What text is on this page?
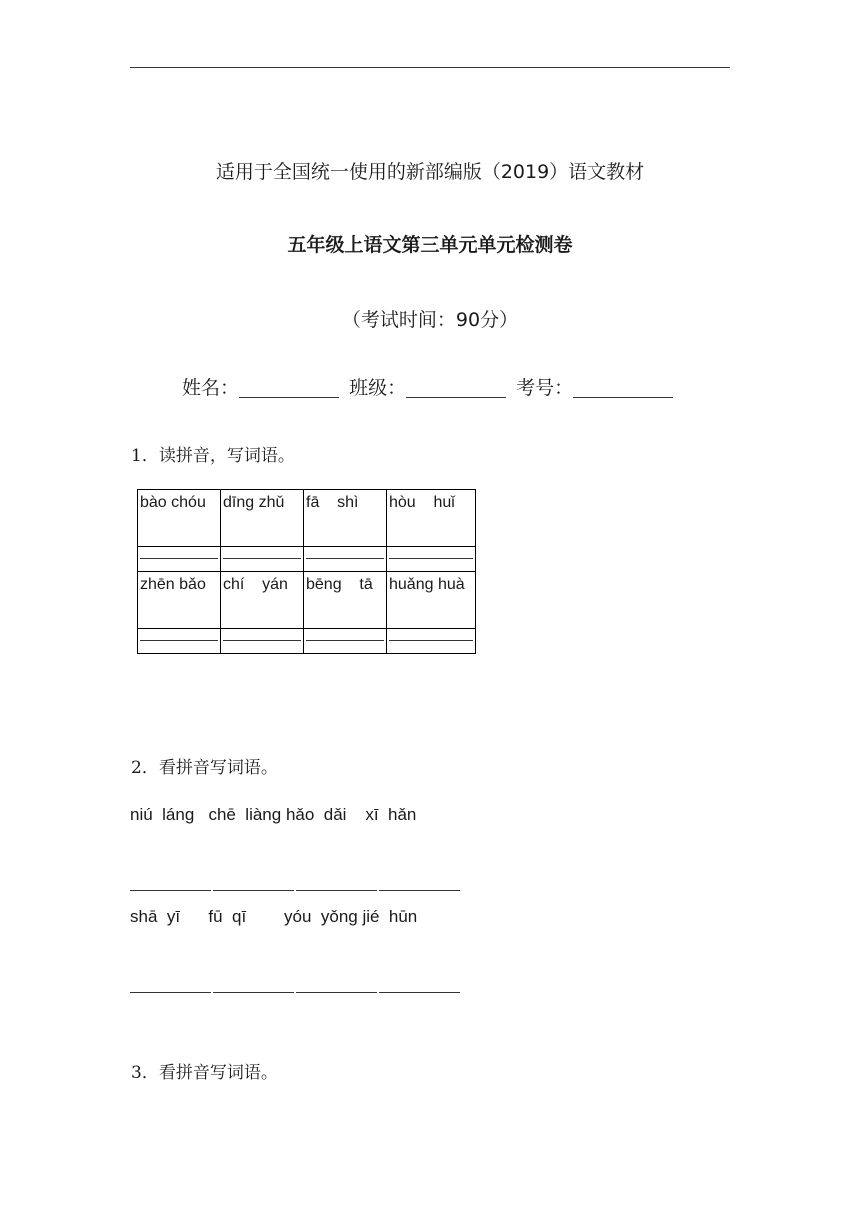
适用于全国统一使用的新部编版（2019）语文教材
五年级上语文第三单元单元检测卷
（考试时间：90分）
姓名：	班级：	考号：
1．读拼音，写词语。
bào chóu	dīng zhǔ	fā    shì	hòu    huǐ

zhēn bǎo	chí    yán	bēng    tā	huǎng huà

2．看拼音写词语。
niú  láng   chē  liàng hǎo  dǎi    xī  hǎn
shā  yī      fū  qī        yóu  yǒng jié  hūn
3．看拼音写词语。
